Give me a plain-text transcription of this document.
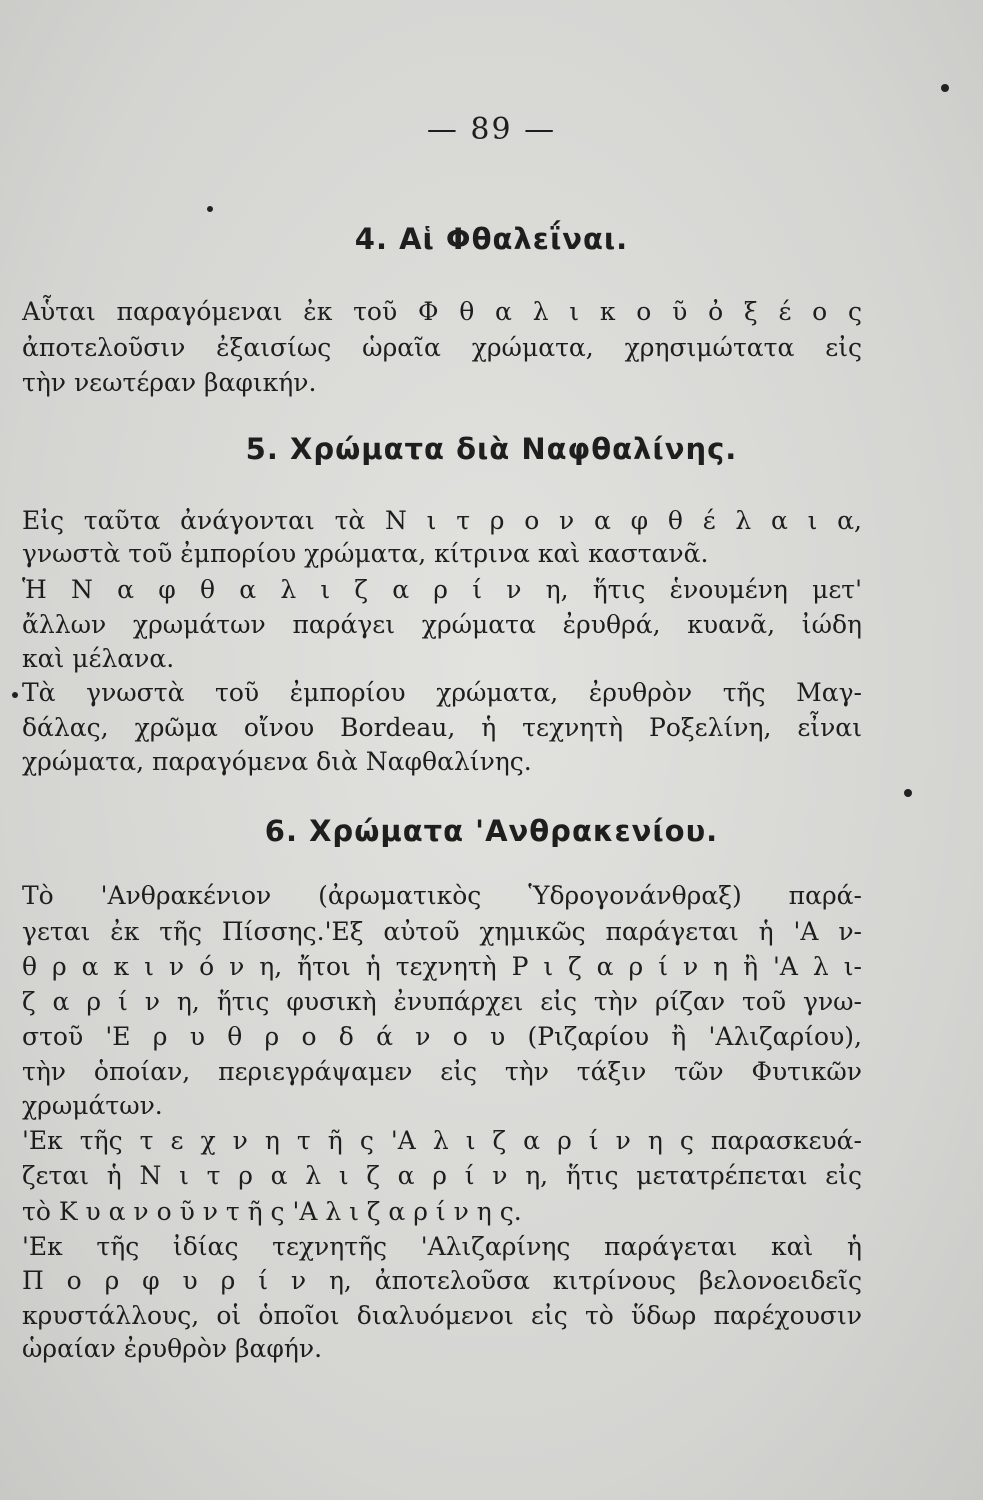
— 89 —
4. Αἱ Φθαλεΐναι.
Αὗται παραγόμεναι ἐκ τοῦ Φ θ α λ ι κ ο ῦ ὀ ξ έ ο ς
ἀποτελοῦσιν ἐξαισίως ὡραῖα χρώματα, χρησιμώτατα εἰς
τὴν νεωτέραν βαφικήν.
5. Χρώματα διὰ Ναφθαλίνης.
Εἰς ταῦτα ἀνάγονται τὰ Ν ι τ ρ ο ν α φ θ έ λ α ι α,
γνωστὰ τοῦ ἐμπορίου χρώματα, κίτρινα καὶ καστανᾶ.
Ἡ Ν α φ θ α λ ι ζ α ρ ί ν η, ἥτις ἑνουμένη μετ'
ἄλλων χρωμάτων παράγει χρώματα ἐρυθρά, κυανᾶ, ἰώδη
καὶ μέλανα.
Τὰ γνωστὰ τοῦ ἐμπορίου χρώματα, ἐρυθρὸν τῆς Μαγ-
δάλας, χρῶμα οἴνου Bordeau, ἡ τεχνητὴ Ροξελίνη, εἶναι
χρώματα, παραγόμενα διὰ Ναφθαλίνης.
6. Χρώματα 'Ανθρακενίου.
Τὸ 'Ανθρακένιον (ἀρωματικὸς Ὑδρογονάνθραξ) παρά-
γεται ἐκ τῆς Πίσσης.'Εξ αὐτοῦ χημικῶς παράγεται ἡ 'Α ν-
θ ρ α κ ι ν ό ν η, ἤτοι ἡ τεχνητὴ Ρ ι ζ α ρ ί ν η ἢ 'Α λ ι-
ζ α ρ ί ν η, ἥτις φυσικὴ ἐνυπάρχει εἰς τὴν ρίζαν τοῦ γνω-
στοῦ 'Ε ρ υ θ ρ ο δ ά ν ο υ (Ριζαρίου ἢ 'Αλιζαρίου),
τὴν ὁποίαν, περιεγράψαμεν εἰς τὴν τάξιν τῶν Φυτικῶν
χρωμάτων.
'Εκ τῆς τ ε χ ν η τ ῆ ς 'Α λ ι ζ α ρ ί ν η ς παρασκευά-
ζεται ἡ Ν ι τ ρ α λ ι ζ α ρ ί ν η, ἥτις μετατρέπεται εἰς
τὸ Κ υ α ν ο ῦ ν τ ῆ ς 'Α λ ι ζ α ρ ί ν η ς.
'Εκ τῆς ἰδίας τεχνητῆς 'Αλιζαρίνης παράγεται καὶ ἡ
Π ο ρ φ υ ρ ί ν η, ἀποτελοῦσα κιτρίνους βελονοειδεῖς
κρυστάλλους, οἱ ὁποῖοι διαλυόμενοι εἰς τὸ ὕδωρ παρέχουσιν
ὡραίαν ἐρυθρὸν βαφήν.
